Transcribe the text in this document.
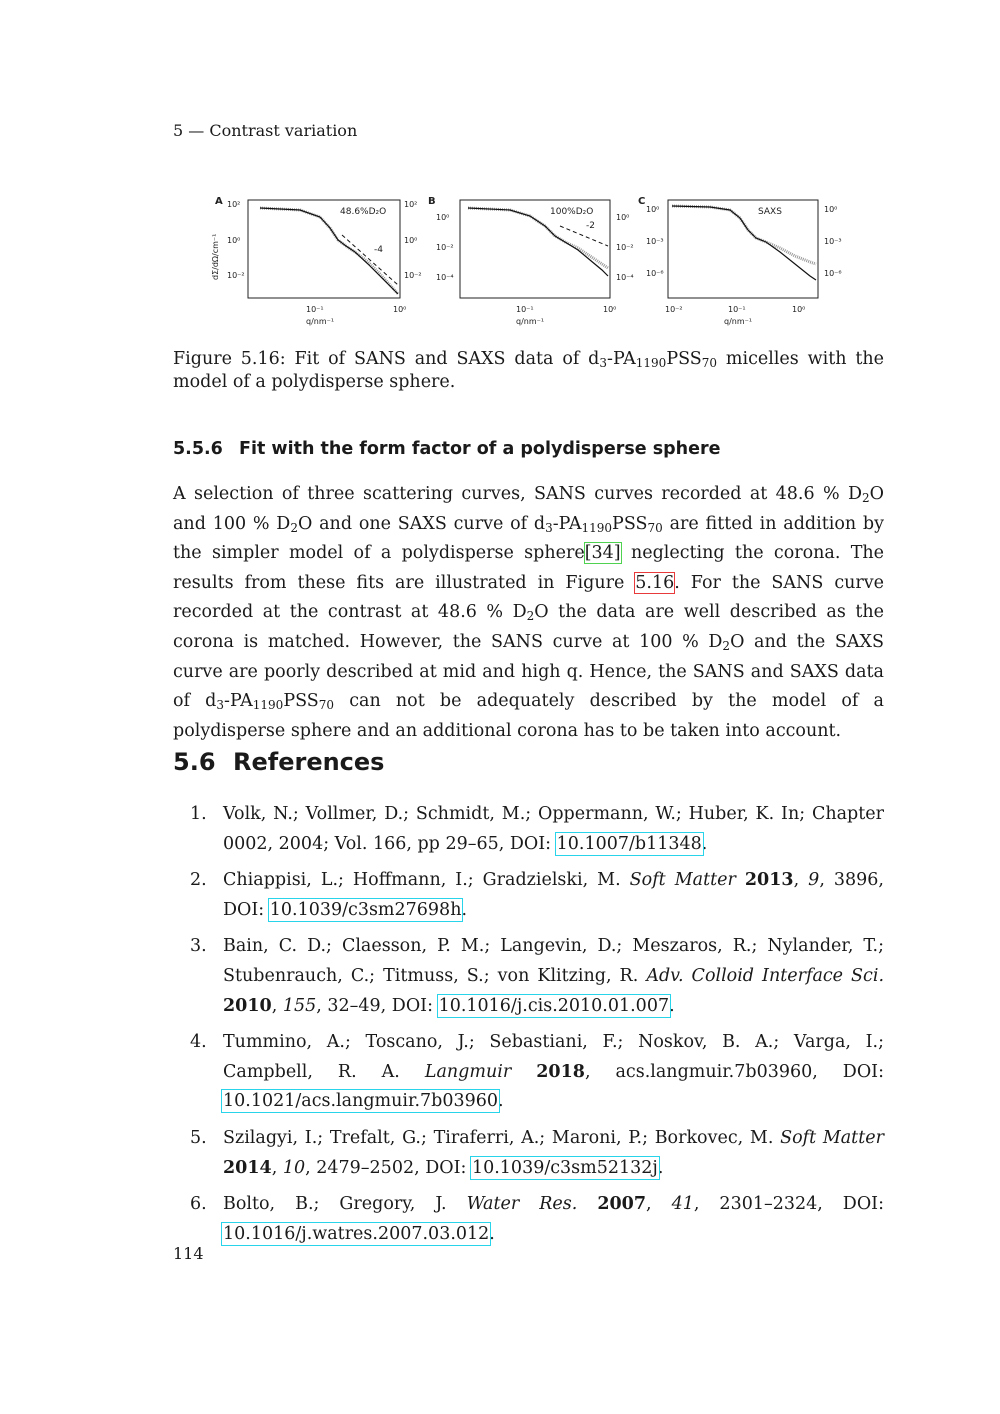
5 — Contrast variation
A 10²
10⁰
10⁻²
dΣ/dΩ/cm⁻¹
10²
10⁰
10⁻²
48.6%D₂O
-4
10⁻¹	10⁰
q/nm⁻¹
B
10⁰
10⁻²
10⁻⁴
10⁰
10⁻²
10⁻⁴
100%D₂O
-2
10⁻¹	10⁰
q/nm⁻¹
C
10⁰
10⁻³
10⁻⁶
10⁰
10⁻³
10⁻⁶
SAXS
10⁻²	10⁻¹	10⁰
q/nm⁻¹
Figure 5.16: Fit of SANS and SAXS data of $d_3-PA_{1190}PSS_{70}$ micelles with the model of a polydisperse sphere.
5.5.6 Fit with the form factor of a polydisperse sphere
A selection of three scattering curves, SANS curves recorded at 48.6 % $D_2O$ and 100 % $D_2O$ and one SAXS curve of $d_3-PA_{1190}PSS_{70}$ are fitted in addition by the simpler model of a polydisperse sphere[34] neglecting the corona. The results from these fits are illustrated in Figure 5.16. For the SANS curve recorded at the contrast at 48.6 % $D_2O$ the data are well described as the corona is matched. However, the SANS curve at 100 % $D_2O$ and the SAXS curve are poorly described at mid and high q. Hence, the SANS and SAXS data of $d_3-PA_{1190}PSS_{70}$ can not be adequately described by the model of a polydisperse sphere and an additional corona has to be taken into account.
5.6 References
1. Volk, N.; Vollmer, D.; Schmidt, M.; Oppermann, W.; Huber, K. In; Chapter 0002, 2004; Vol. 166, pp 29–65, DOI: 10.1007/b11348.
2. Chiappisi, L.; Hoffmann, I.; Gradzielski, M. Soft Matter 2013, 9, 3896, DOI: 10.1039/c3sm27698h.
3. Bain, C. D.; Claesson, P. M.; Langevin, D.; Meszaros, R.; Nylander, T.; Stubenrauch, C.; Titmuss, S.; von Klitzing, R. Adv. Colloid Interface Sci. 2010, 155, 32–49, DOI: 10.1016/j.cis.2010.01.007.
4. Tummino, A.; Toscano, J.; Sebastiani, F.; Noskov, B. A.; Varga, I.; Campbell, R. A. Langmuir 2018, acs.langmuir.7b03960, DOI: 10.1021/acs.langmuir.7b03960.
5. Szilagyi, I.; Trefalt, G.; Tiraferri, A.; Maroni, P.; Borkovec, M. Soft Matter 2014, 10, 2479–2502, DOI: 10.1039/c3sm52132j.
6. Bolto, B.; Gregory, J. Water Res. 2007, 41, 2301–2324, DOI: 10.1016/j.watres.2007.03.012.
114
